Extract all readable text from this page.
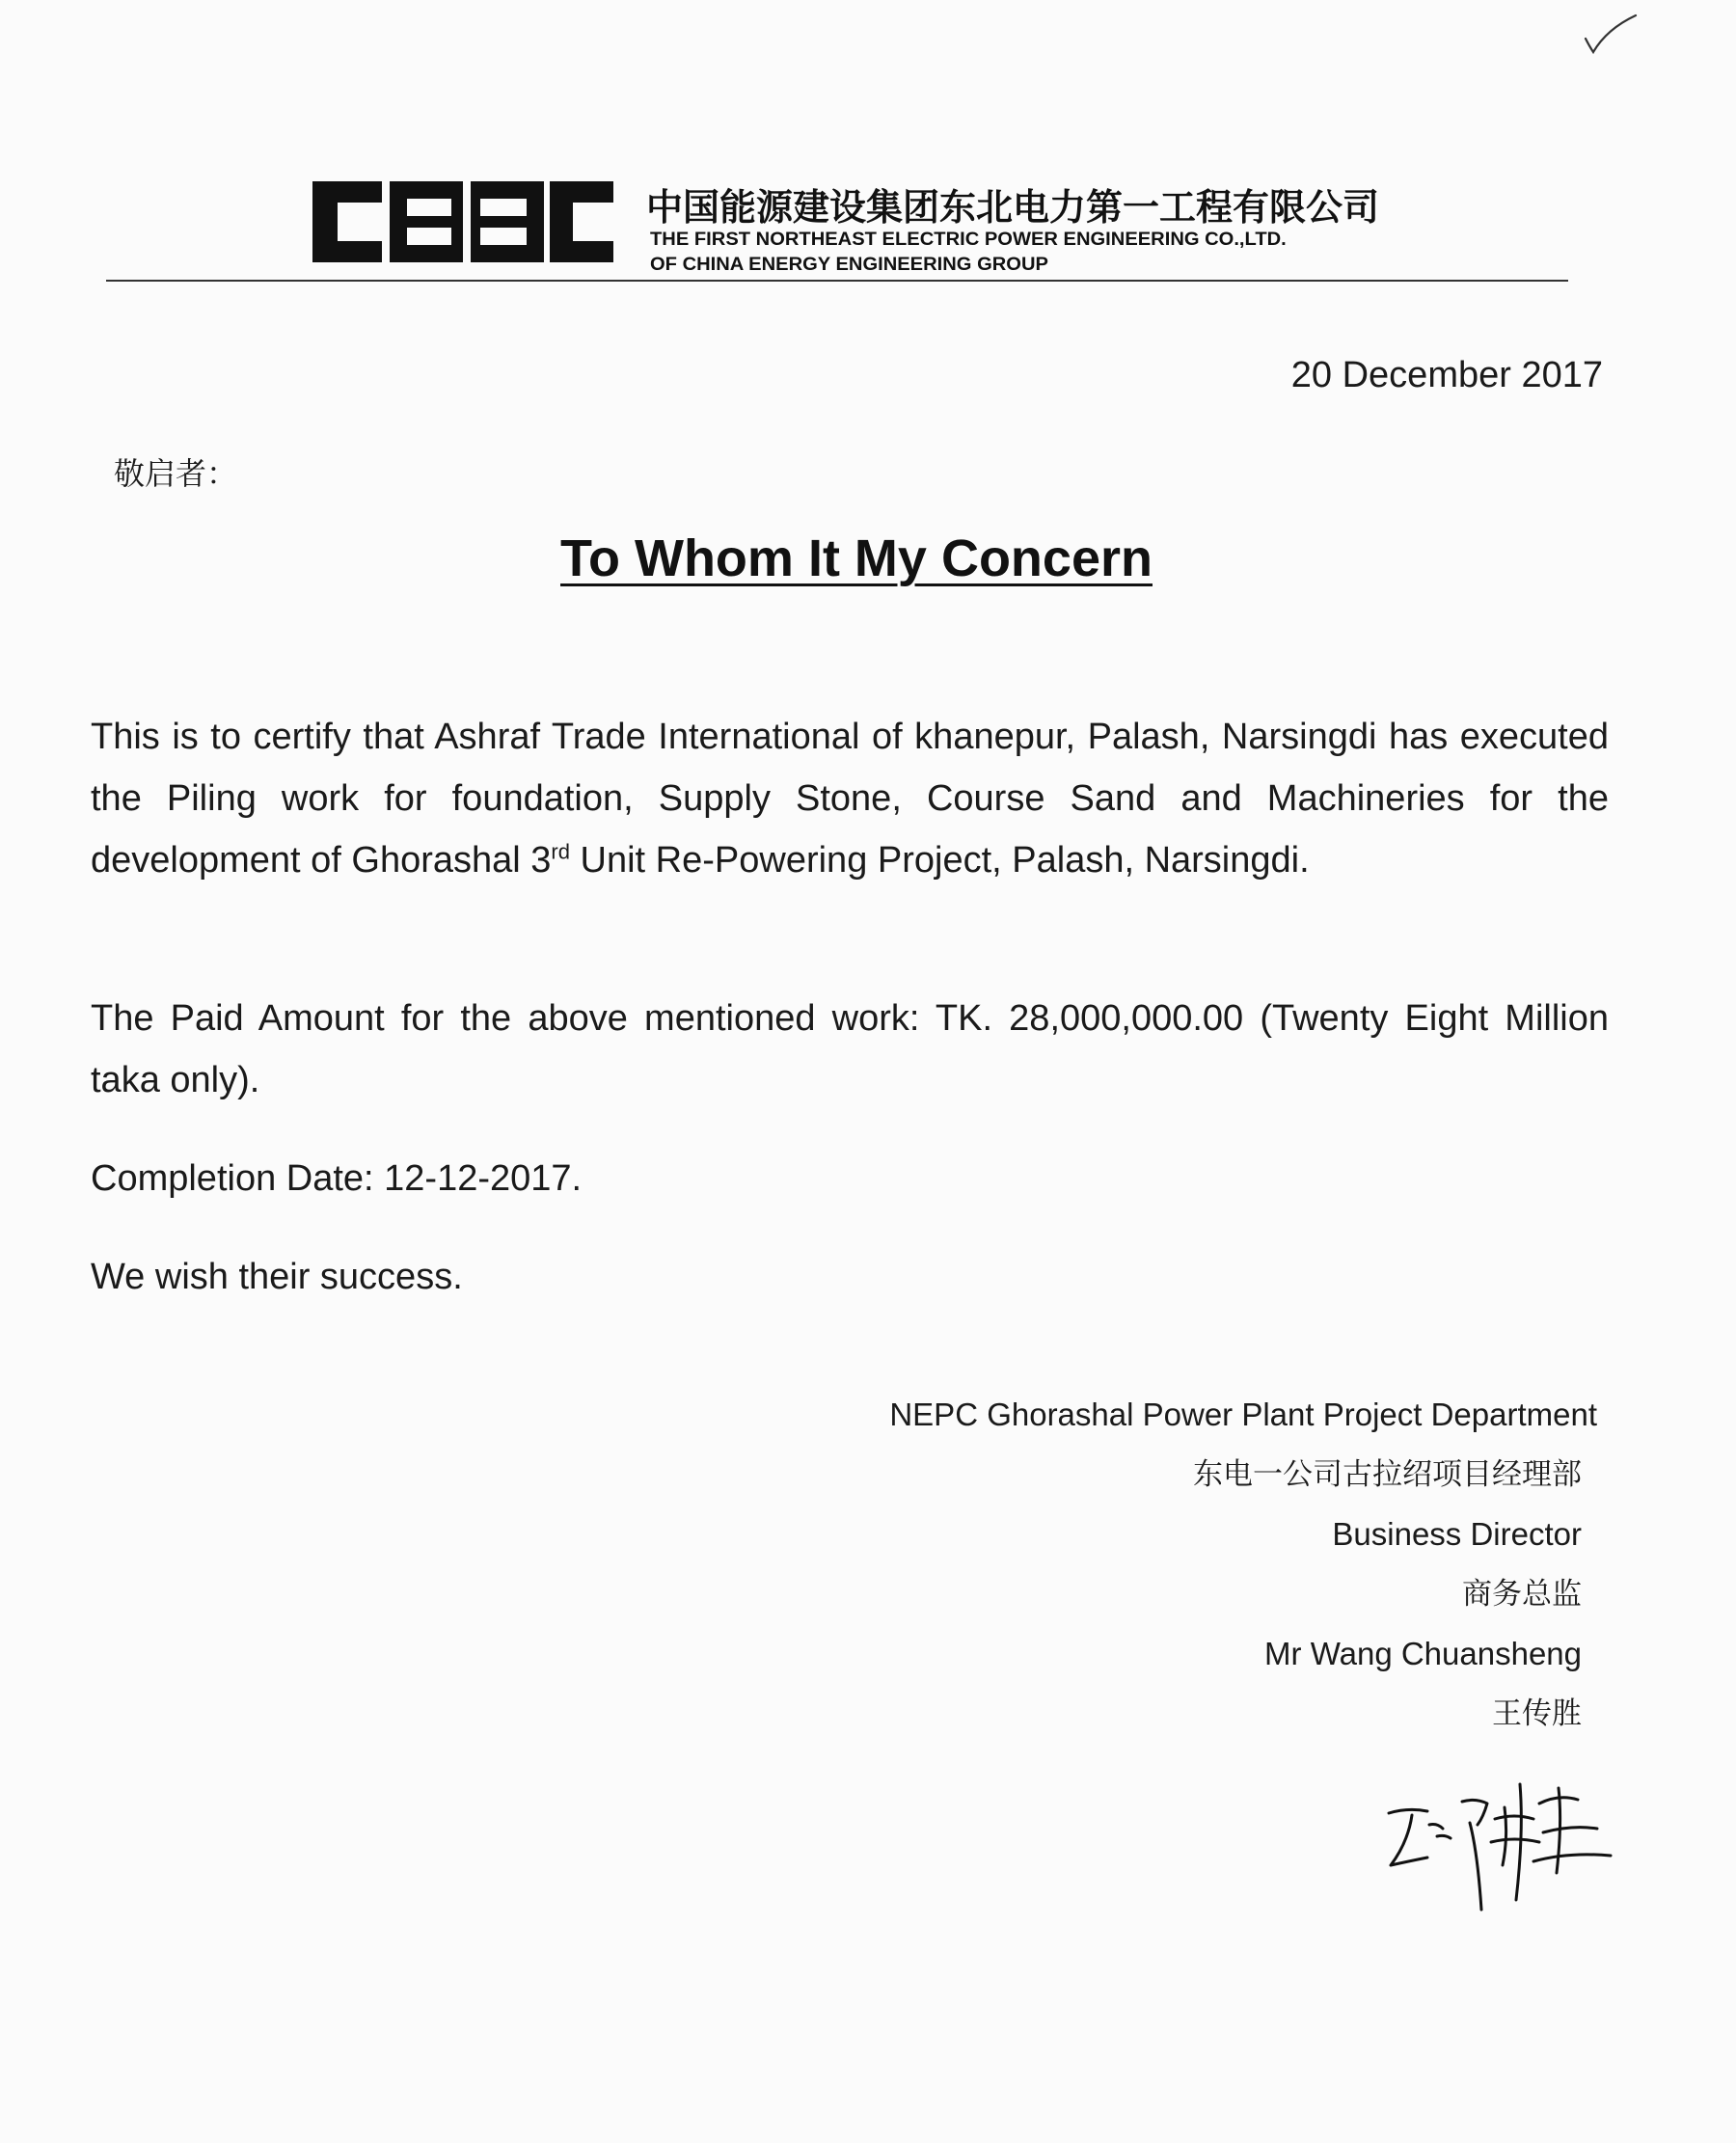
中国能源建设集团东北电力第一工程有限公司
THE FIRST NORTHEAST ELECTRIC POWER ENGINEERING CO.,LTD.
OF CHINA ENERGY ENGINEERING GROUP
20 December 2017
敬启者：
To Whom It My Concern
This is to certify that Ashraf Trade International of khanepur, Palash, Narsingdi has executed the Piling work for foundation, Supply Stone, Course Sand and Machineries for the development of Ghorashal 3rd Unit Re-Powering Project, Palash, Narsingdi.
The Paid Amount for the above mentioned work: TK. 28,000,000.00 (Twenty Eight Million taka only).
Completion Date: 12-12-2017.
We wish their success.
NEPC Ghorashal Power Plant Project Department
东电一公司古拉绍项目经理部
Business Director
商务总监
Mr Wang Chuansheng
王传胜
